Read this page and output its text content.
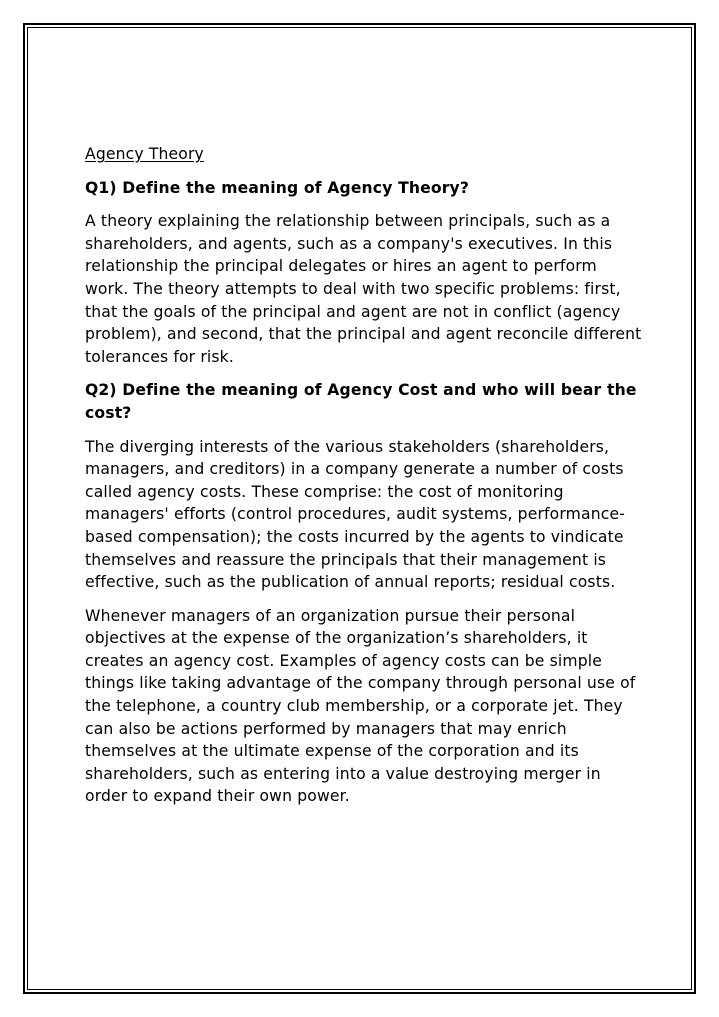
Agency Theory

Q1) Define the meaning of Agency Theory?

A theory explaining the relationship between principals, such as a shareholders, and agents, such as a company's executives. In this relationship the principal delegates or hires an agent to perform work. The theory attempts to deal with two specific problems: first, that the goals of the principal and agent are not in conflict (agency problem), and second, that the principal and agent reconcile different tolerances for risk.

Q2) Define the meaning of Agency Cost and who will bear the cost?

The diverging interests of the various stakeholders (shareholders, managers, and creditors) in a company generate a number of costs called agency costs. These comprise: the cost of monitoring managers' efforts (control procedures, audit systems, performance-based compensation); the costs incurred by the agents to vindicate themselves and reassure the principals that their management is effective, such as the publication of annual reports; residual costs.

Whenever managers of an organization pursue their personal objectives at the expense of the organization’s shareholders, it creates an agency cost. Examples of agency costs can be simple things like taking advantage of the company through personal use of the telephone, a country club membership, or a corporate jet. They can also be actions performed by managers that may enrich themselves at the ultimate expense of the corporation and its shareholders, such as entering into a value destroying merger in order to expand their own power.
